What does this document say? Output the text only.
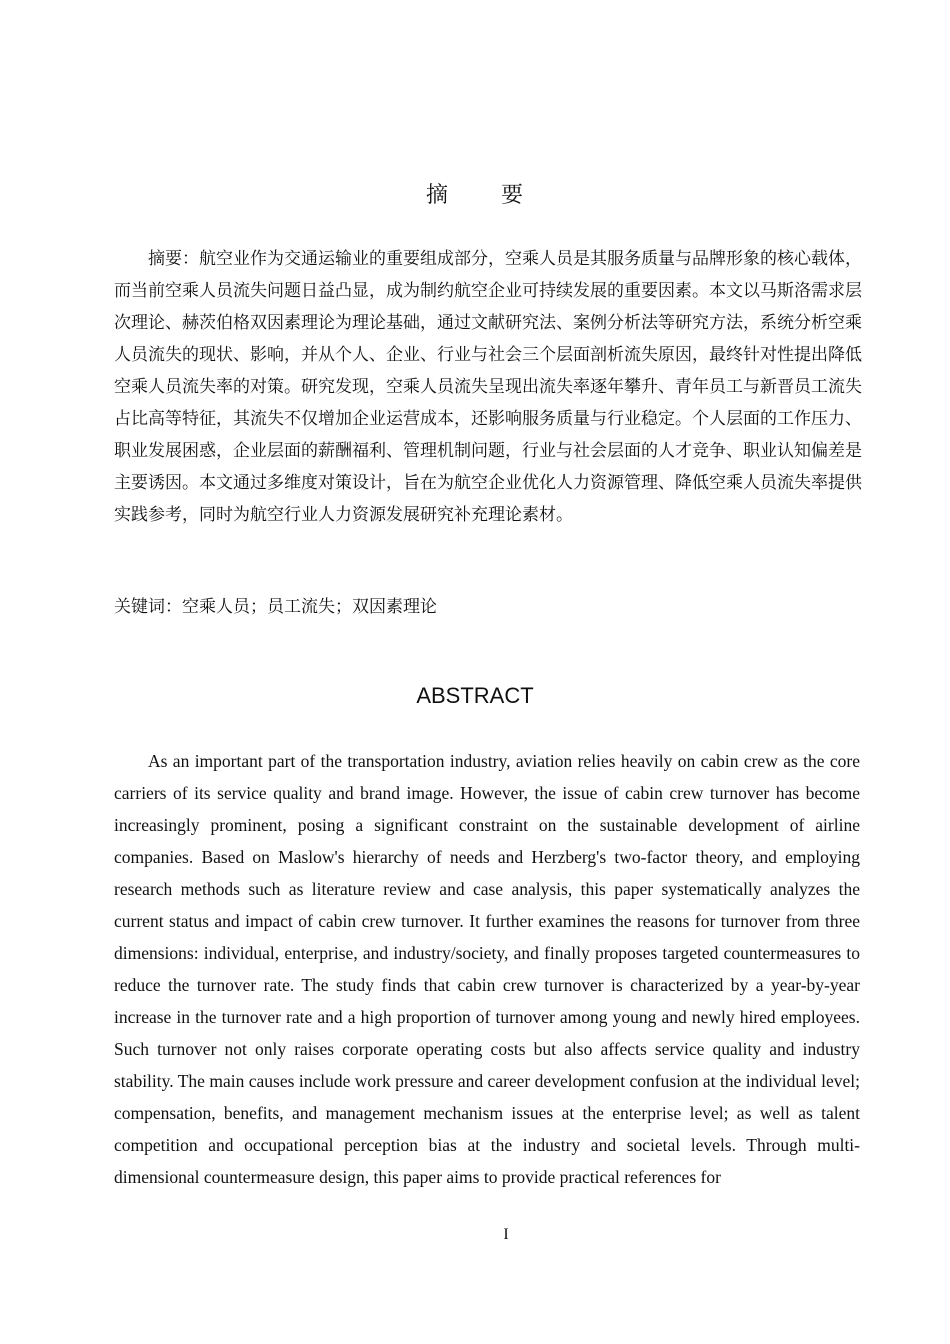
摘 要

摘要：航空业作为交通运输业的重要组成部分，空乘人员是其服务质量与品牌形象的核心载体，而当前空乘人员流失问题日益凸显，成为制约航空企业可持续发展的重要因素。本文以马斯洛需求层次理论、赫茨伯格双因素理论为理论基础，通过文献研究法、案例分析法等研究方法，系统分析空乘人员流失的现状、影响，并从个人、企业、行业与社会三个层面剖析流失原因，最终针对性提出降低空乘人员流失率的对策。研究发现，空乘人员流失呈现出流失率逐年攀升、青年员工与新晋员工流失占比高等特征，其流失不仅增加企业运营成本，还影响服务质量与行业稳定。个人层面的工作压力、职业发展困惑，企业层面的薪酬福利、管理机制问题，行业与社会层面的人才竞争、职业认知偏差是主要诱因。本文通过多维度对策设计，旨在为航空企业优化人力资源管理、降低空乘人员流失率提供实践参考，同时为航空行业人力资源发展研究补充理论素材。

关键词：空乘人员；员工流失；双因素理论

ABSTRACT

As an important part of the transportation industry, aviation relies heavily on cabin crew as the core carriers of its service quality and brand image. However, the issue of cabin crew turnover has become increasingly prominent, posing a significant constraint on the sustainable development of airline companies. Based on Maslow's hierarchy of needs and Herzberg's two-factor theory, and employing research methods such as literature review and case analysis, this paper systematically analyzes the current status and impact of cabin crew turnover. It further examines the reasons for turnover from three dimensions: individual, enterprise, and industry/society, and finally proposes targeted countermeasures to reduce the turnover rate. The study finds that cabin crew turnover is characterized by a year-by-year increase in the turnover rate and a high proportion of turnover among young and newly hired employees. Such turnover not only raises corporate operating costs but also affects service quality and industry stability. The main causes include work pressure and career development confusion at the individual level; compensation, benefits, and management mechanism issues at the enterprise level; as well as talent competition and occupational perception bias at the industry and societal levels. Through multi-dimensional countermeasure design, this paper aims to provide practical references for

I
